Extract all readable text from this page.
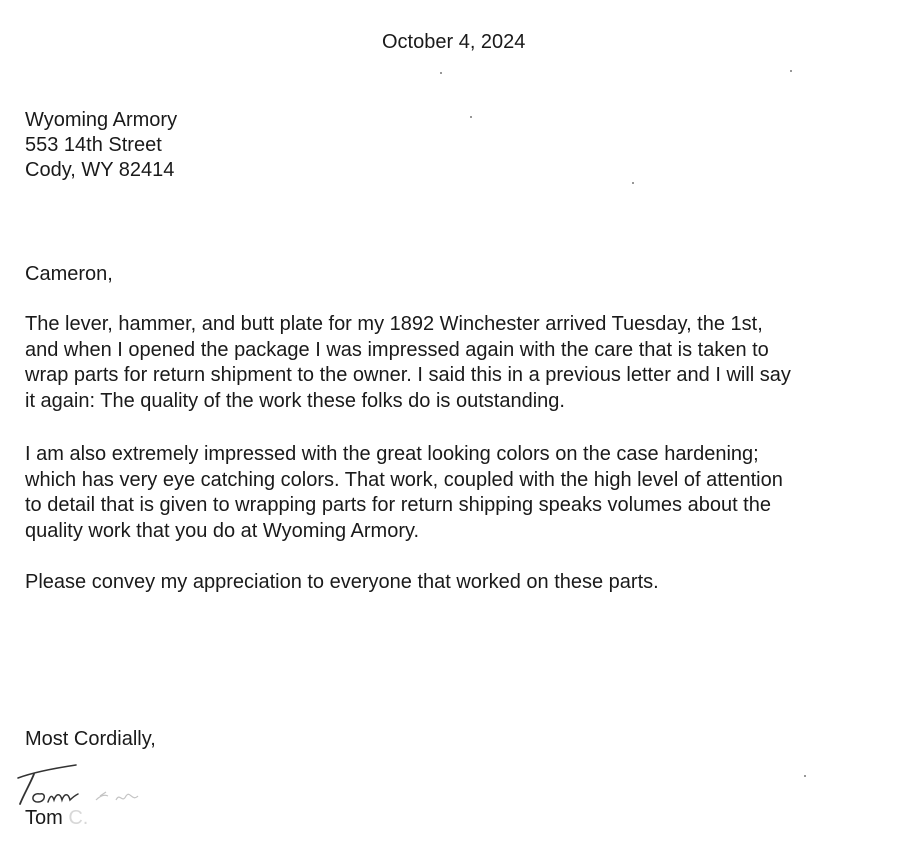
October 4, 2024
Wyoming Armory
553 14th Street
Cody, WY 82414
Cameron,
The lever, hammer, and butt plate for my 1892 Winchester arrived Tuesday, the 1st,
and when I opened the package I was impressed again with the care that is taken to
wrap parts for return shipment to the owner. I said this in a previous letter and I will say
it again: The quality of the work these folks do is outstanding.
I am also extremely impressed with the great looking colors on the case hardening;
which has very eye catching colors. That work, coupled with the high level of attention
to detail that is given to wrapping parts for return shipping speaks volumes about the
quality work that you do at Wyoming Armory.
Please convey my appreciation to everyone that worked on these parts.
Most Cordially,
Tom C.
